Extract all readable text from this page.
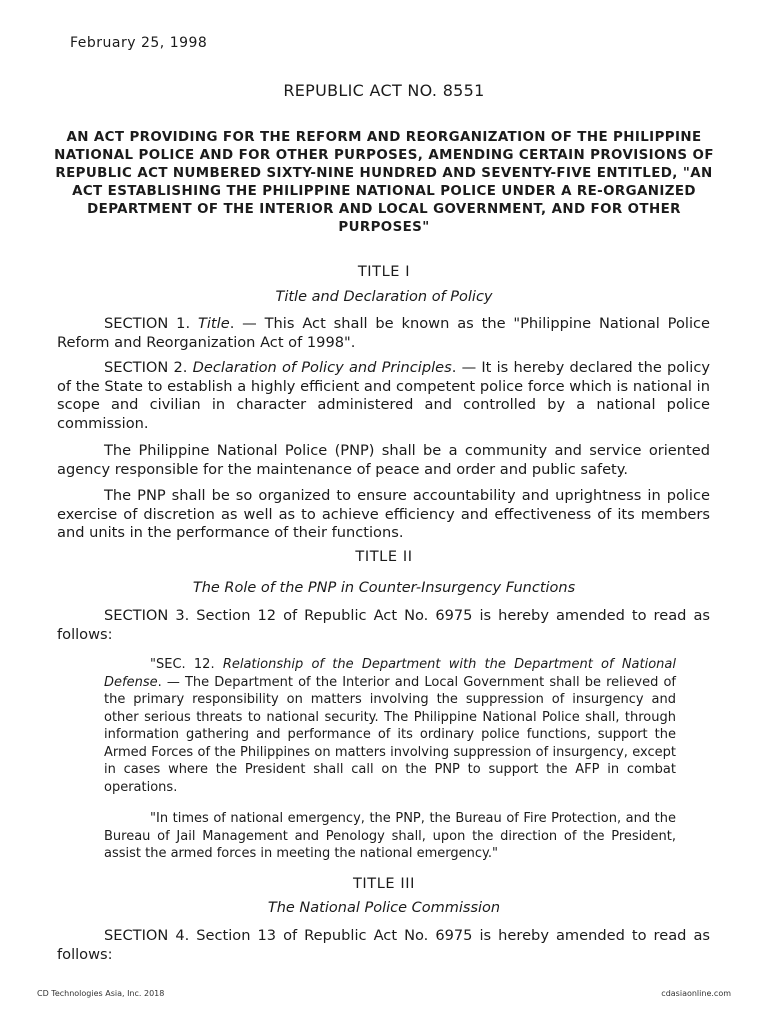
February 25, 1998
REPUBLIC ACT NO. 8551
AN ACT PROVIDING FOR THE REFORM AND REORGANIZATION OF THE PHILIPPINE NATIONAL POLICE AND FOR OTHER PURPOSES, AMENDING CERTAIN PROVISIONS OF REPUBLIC ACT NUMBERED SIXTY-NINE HUNDRED AND SEVENTY-FIVE ENTITLED, "AN ACT ESTABLISHING THE PHILIPPINE NATIONAL POLICE UNDER A RE-ORGANIZED DEPARTMENT OF THE INTERIOR AND LOCAL GOVERNMENT, AND FOR OTHER PURPOSES"
TITLE I
Title and Declaration of Policy
SECTION 1. Title. — This Act shall be known as the "Philippine National Police Reform and Reorganization Act of 1998".
SECTION 2. Declaration of Policy and Principles. — It is hereby declared the policy of the State to establish a highly efficient and competent police force which is national in scope and civilian in character administered and controlled by a national police commission.
The Philippine National Police (PNP) shall be a community and service oriented agency responsible for the maintenance of peace and order and public safety.
The PNP shall be so organized to ensure accountability and uprightness in police exercise of discretion as well as to achieve efficiency and effectiveness of its members and units in the performance of their functions.
TITLE II
The Role of the PNP in Counter-Insurgency Functions
SECTION 3. Section 12 of Republic Act No. 6975 is hereby amended to read as follows:
"SEC. 12. Relationship of the Department with the Department of National Defense. — The Department of the Interior and Local Government shall be relieved of the primary responsibility on matters involving the suppression of insurgency and other serious threats to national security. The Philippine National Police shall, through information gathering and performance of its ordinary police functions, support the Armed Forces of the Philippines on matters involving suppression of insurgency, except in cases where the President shall call on the PNP to support the AFP in combat operations.
"In times of national emergency, the PNP, the Bureau of Fire Protection, and the Bureau of Jail Management and Penology shall, upon the direction of the President, assist the armed forces in meeting the national emergency."
TITLE III
The National Police Commission
SECTION 4. Section 13 of Republic Act No. 6975 is hereby amended to read as follows:
CD Technologies Asia, Inc. 2018	cdasiaonline.com
